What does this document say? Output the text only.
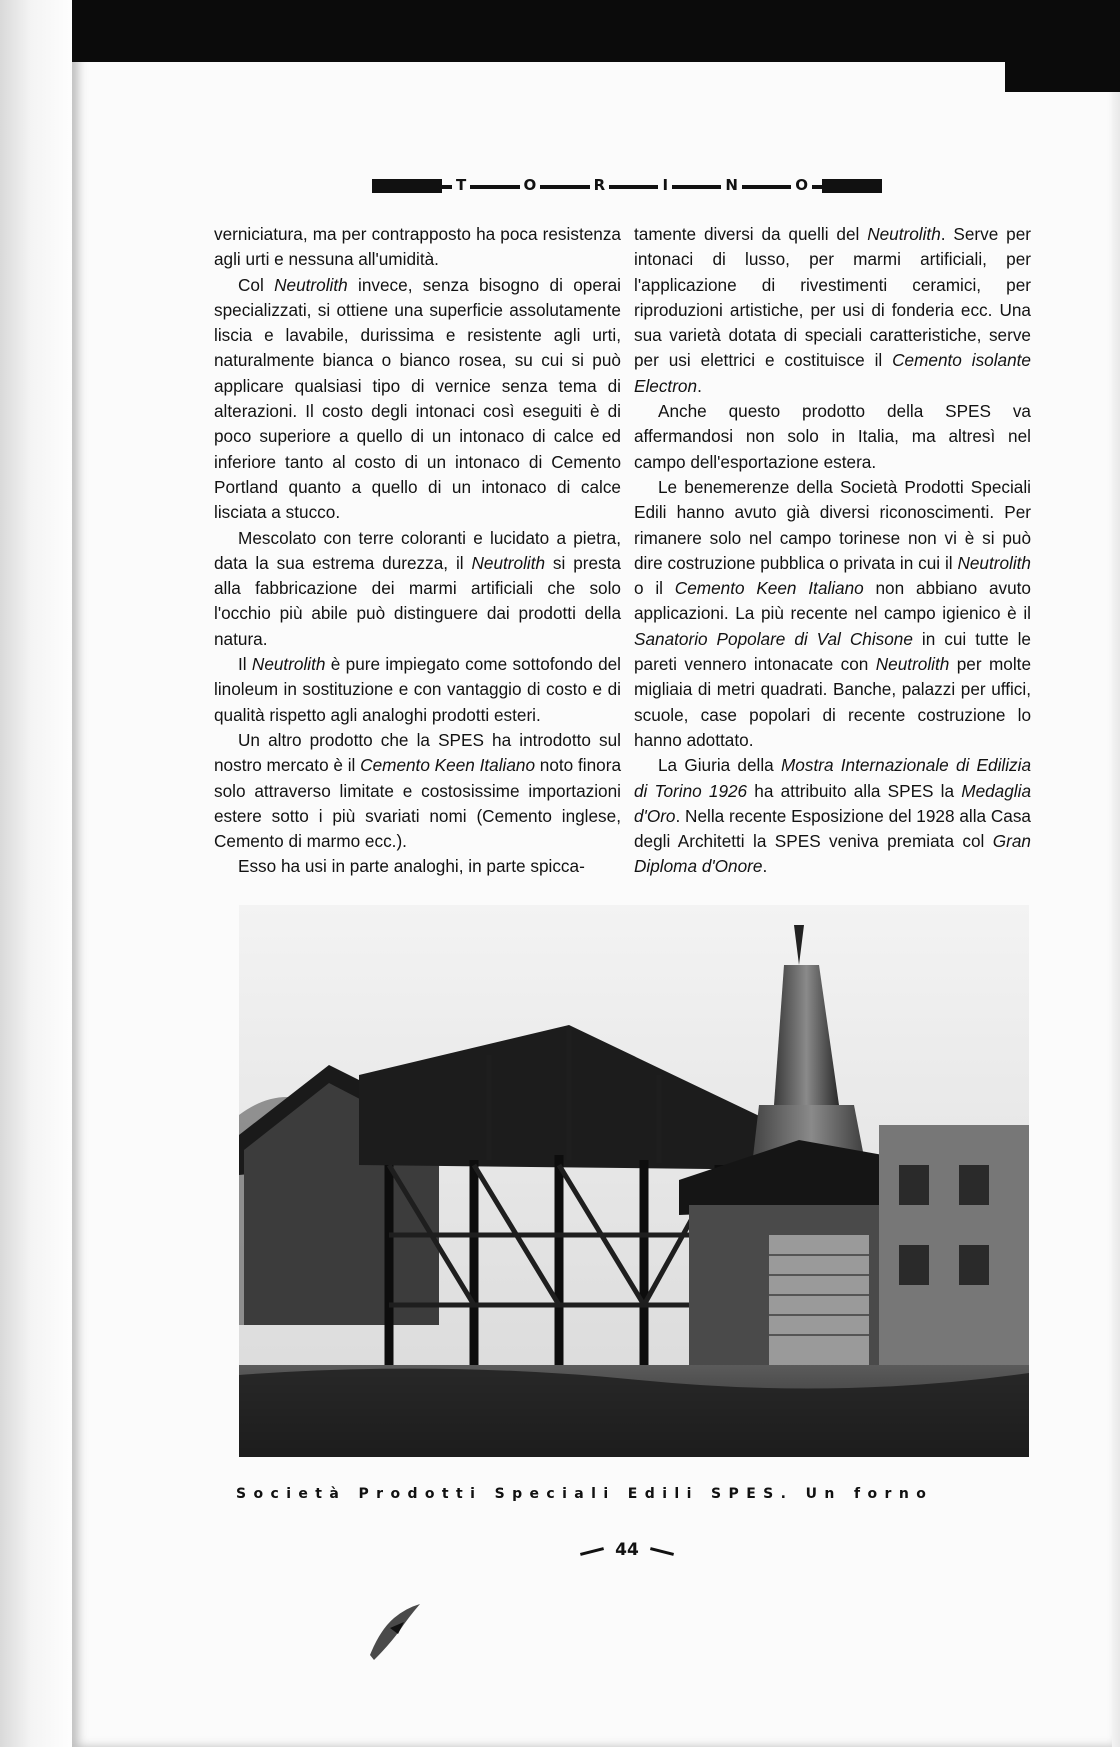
T	O	R	I	N	O

verniciatura, ma per contrapposto ha poca resistenza agli urti e nessuna all'umidità.

Col Neutrolith invece, senza bisogno di operai specializzati, si ottiene una superficie assolutamente liscia e lavabile, durissima e resistente agli urti, naturalmente bianca o bianco rosea, su cui si può applicare qualsiasi tipo di vernice senza tema di alterazioni. Il costo degli intonaci così eseguiti è di poco superiore a quello di un intonaco di calce ed inferiore tanto al costo di un intonaco di Cemento Portland quanto a quello di un intonaco di calce lisciata a stucco.

Mescolato con terre coloranti e lucidato a pietra, data la sua estrema durezza, il Neutrolith si presta alla fabbricazione dei marmi artificiali che solo l'occhio più abile può distinguere dai prodotti della natura.

Il Neutrolith è pure impiegato come sottofondo del linoleum in sostituzione e con vantaggio di costo e di qualità rispetto agli analoghi prodotti esteri.

Un altro prodotto che la SPES ha introdotto sul nostro mercato è il Cemento Keen Italiano noto finora solo attraverso limitate e costosissime importazioni estere sotto i più svariati nomi (Cemento inglese, Cemento di marmo ecc.).

Esso ha usi in parte analoghi, in parte spicca-

tamente diversi da quelli del Neutrolith. Serve per intonaci di lusso, per marmi artificiali, per l'applicazione di rivestimenti ceramici, per riproduzioni artistiche, per usi di fonderia ecc. Una sua varietà dotata di speciali caratteristiche, serve per usi elettrici e costituisce il Cemento isolante Electron.

Anche questo prodotto della SPES va affermandosi non solo in Italia, ma altresì nel campo dell'esportazione estera.

Le benemerenze della Società Prodotti Speciali Edili hanno avuto già diversi riconoscimenti. Per rimanere solo nel campo torinese non vi è si può dire costruzione pubblica o privata in cui il Neutrolith o il Cemento Keen Italiano non abbiano avuto applicazioni. La più recente nel campo igienico è il Sanatorio Popolare di Val Chisone in cui tutte le pareti vennero intonacate con Neutrolith per molte migliaia di metri quadrati. Banche, palazzi per uffici, scuole, case popolari di recente costruzione lo hanno adottato.

La Giuria della Mostra Internazionale di Edilizia di Torino 1926 ha attribuito alla SPES la Medaglia d'Oro. Nella recente Esposizione del 1928 alla Casa degli Architetti la SPES veniva premiata col Gran Diploma d'Onore.

Società Prodotti Speciali Edili SPES. Un forno
44
